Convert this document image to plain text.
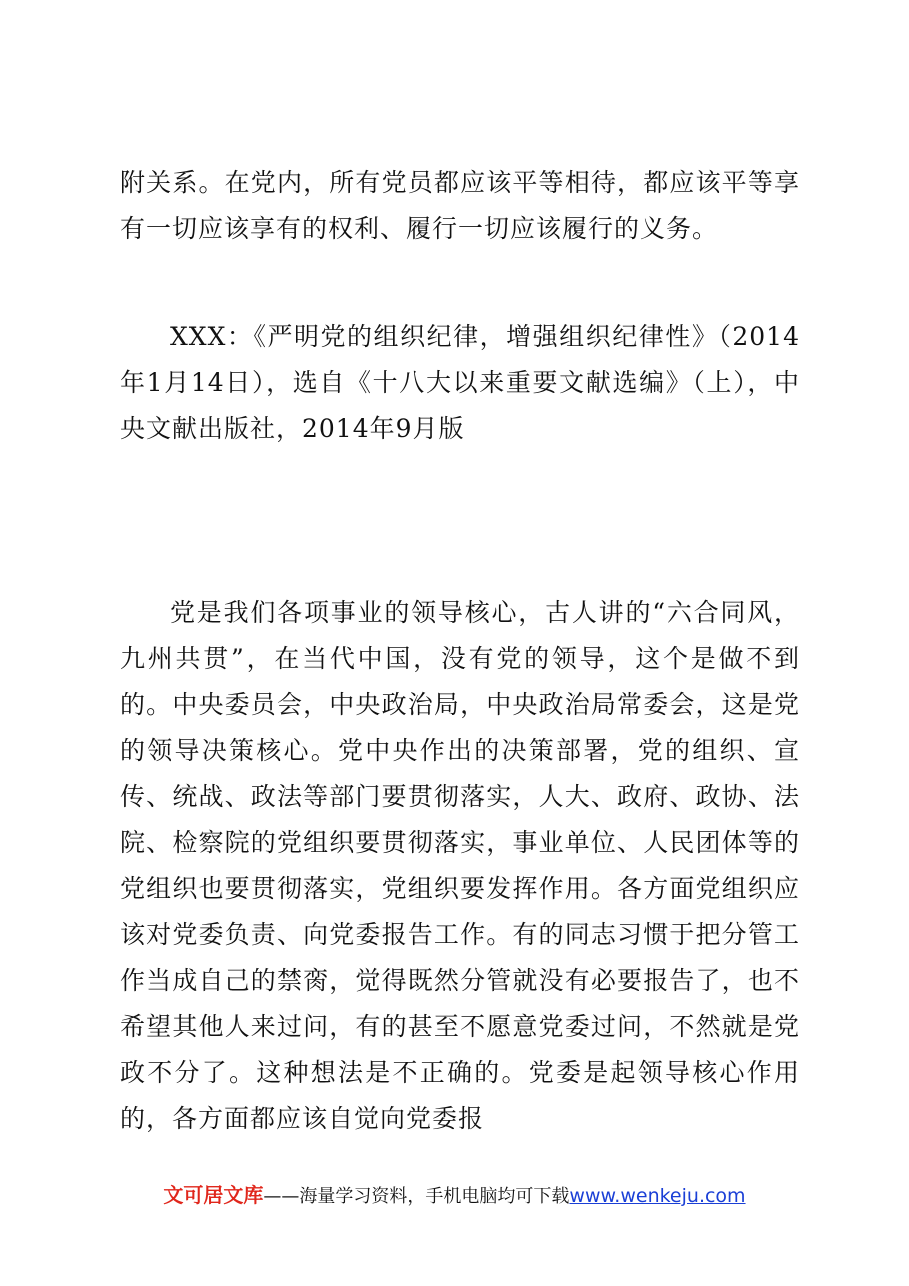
附关系。在党内，所有党员都应该平等相待，都应该平等享有一切应该享有的权利、履行一切应该履行的义务。

XXX：《严明党的组织纪律，增强组织纪律性》（2014年1月14日），选自《十八大以来重要文献选编》（上），中央文献出版社，2014年9月版

党是我们各项事业的领导核心，古人讲的“六合同风，九州共贯”，在当代中国，没有党的领导，这个是做不到的。中央委员会，中央政治局，中央政治局常委会，这是党的领导决策核心。党中央作出的决策部署，党的组织、宣传、统战、政法等部门要贯彻落实，人大、政府、政协、法院、检察院的党组织要贯彻落实，事业单位、人民团体等的党组织也要贯彻落实，党组织要发挥作用。各方面党组织应该对党委负责、向党委报告工作。有的同志习惯于把分管工作当成自己的禁脔，觉得既然分管就没有必要报告了，也不希望其他人来过问，有的甚至不愿意党委过问，不然就是党政不分了。这种想法是不正确的。党委是起领导核心作用的，各方面都应该自觉向党委报

文可居文库——海量学习资料，手机电脑均可下载www.wenkeju.com
